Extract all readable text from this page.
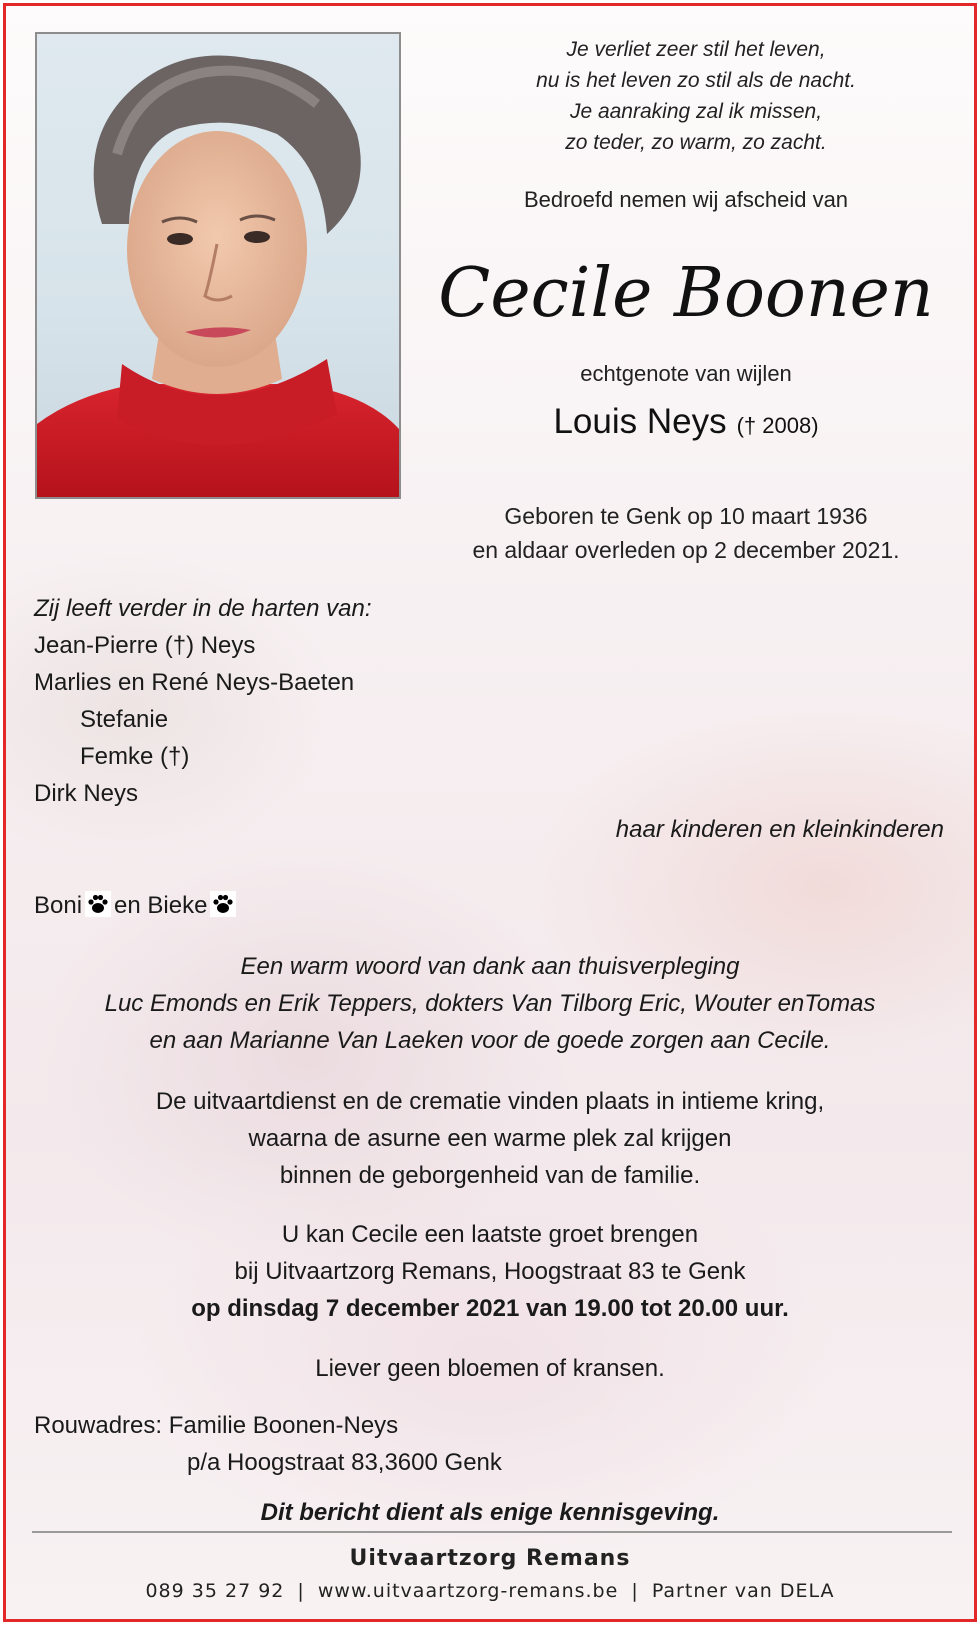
Je verliet zeer stil het leven,
nu is het leven zo stil als de nacht.
Je aanraking zal ik missen,
zo teder, zo warm, zo zacht.
Bedroefd nemen wij afscheid van
Cecile Boonen
echtgenote van wijlen
Louis Neys († 2008)
Geboren te Genk op 10 maart 1936
en aldaar overleden op 2 december 2021.
Zij leeft verder in de harten van:
Jean-Pierre (†) Neys
Marlies en René Neys-Baeten
Stefanie
Femke (†)
Dirk Neys
haar kinderen en kleinkinderen
Boni en Bieke
Een warm woord van dank aan thuisverpleging
Luc Emonds en Erik Teppers, dokters Van Tilborg Eric, Wouter enTomas
en aan Marianne Van Laeken voor de goede zorgen aan Cecile.
De uitvaartdienst en de crematie vinden plaats in intieme kring,
waarna de asurne een warme plek zal krijgen
binnen de geborgenheid van de familie.
U kan Cecile een laatste groet brengen
bij Uitvaartzorg Remans, Hoogstraat 83 te Genk
op dinsdag 7 december 2021 van 19.00 tot 20.00 uur.
Liever geen bloemen of kransen.
Rouwadres: Familie Boonen-Neys
p/a Hoogstraat 83,3600 Genk
Dit bericht dient als enige kennisgeving.
Uitvaartzorg Remans
089 35 27 92 | www.uitvaartzorg-remans.be | Partner van DELA
